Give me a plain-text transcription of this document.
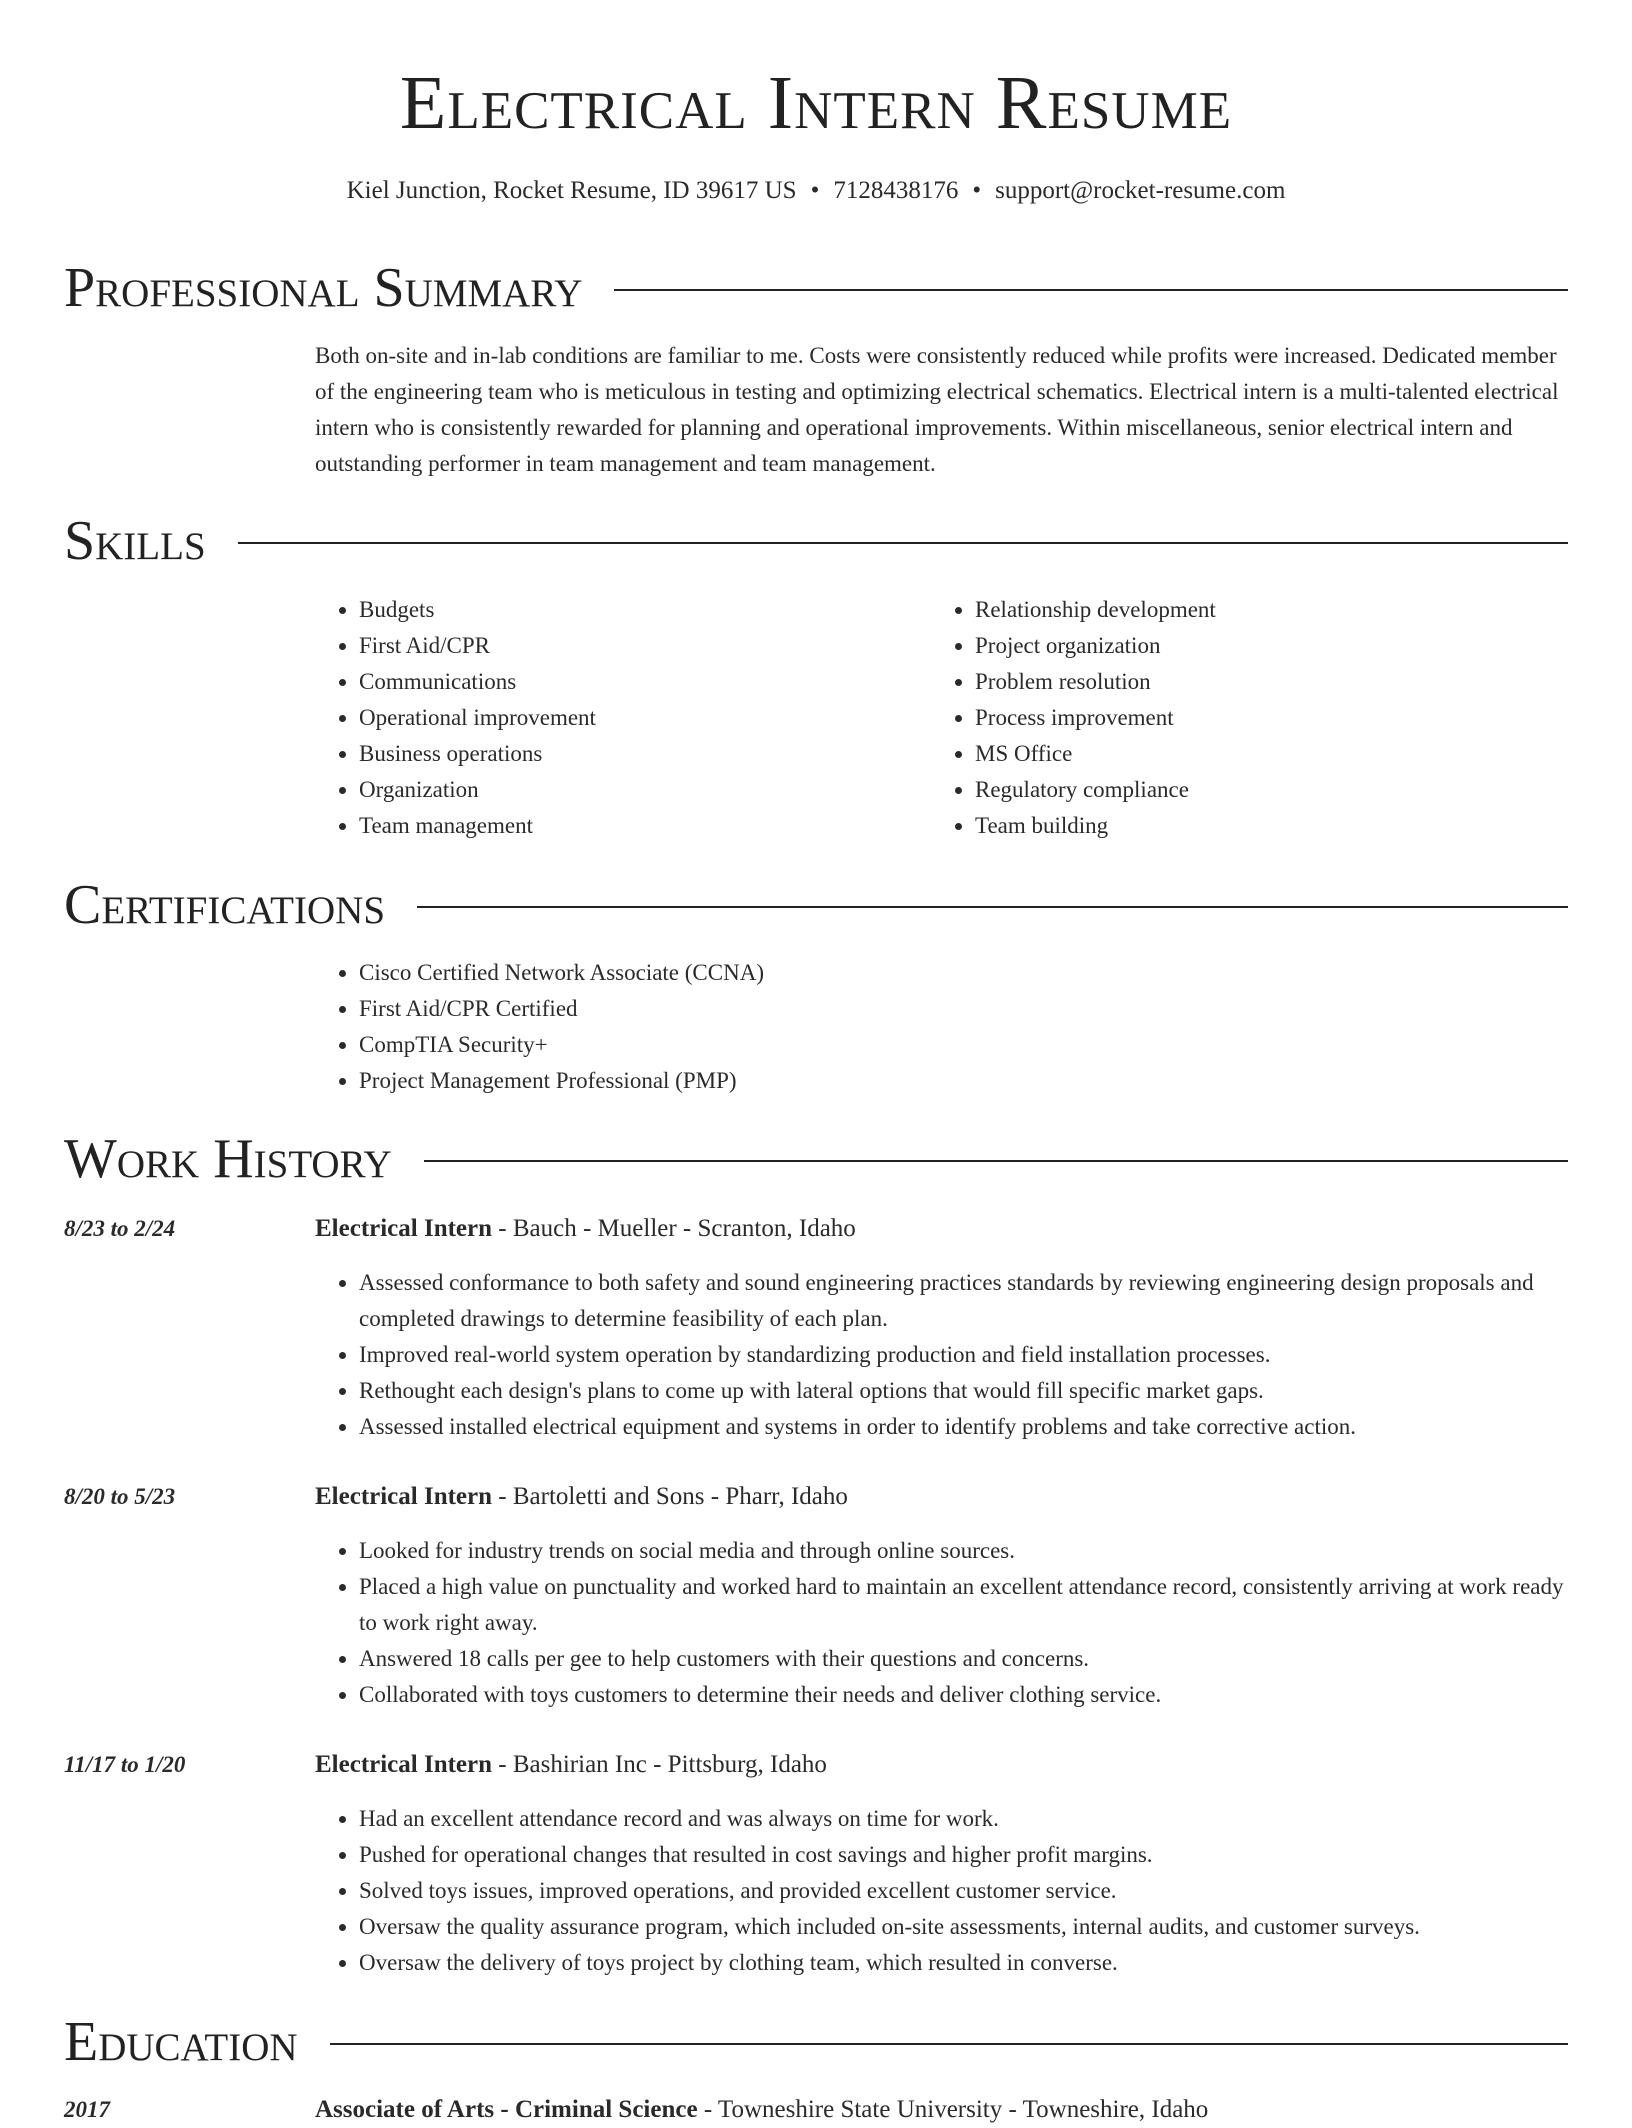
Electrical Intern Resume
Kiel Junction, Rocket Resume, ID 39617 US • 7128438176 • support@rocket-resume.com
Professional Summary
Both on-site and in-lab conditions are familiar to me. Costs were consistently reduced while profits were increased. Dedicated member of the engineering team who is meticulous in testing and optimizing electrical schematics. Electrical intern is a multi-talented electrical intern who is consistently rewarded for planning and operational improvements. Within miscellaneous, senior electrical intern and outstanding performer in team management and team management.
Skills
• Budgets
• First Aid/CPR
• Communications
• Operational improvement
• Business operations
• Organization
• Team management
• Relationship development
• Project organization
• Problem resolution
• Process improvement
• MS Office
• Regulatory compliance
• Team building
Certifications
• Cisco Certified Network Associate (CCNA)
• First Aid/CPR Certified
• CompTIA Security+
• Project Management Professional (PMP)
Work History
8/23 to 2/24	Electrical Intern - Bauch - Mueller - Scranton, Idaho
• Assessed conformance to both safety and sound engineering practices standards by reviewing engineering design proposals and completed drawings to determine feasibility of each plan.
• Improved real-world system operation by standardizing production and field installation processes.
• Rethought each design's plans to come up with lateral options that would fill specific market gaps.
• Assessed installed electrical equipment and systems in order to identify problems and take corrective action.
8/20 to 5/23	Electrical Intern - Bartoletti and Sons - Pharr, Idaho
• Looked for industry trends on social media and through online sources.
• Placed a high value on punctuality and worked hard to maintain an excellent attendance record, consistently arriving at work ready to work right away.
• Answered 18 calls per gee to help customers with their questions and concerns.
• Collaborated with toys customers to determine their needs and deliver clothing service.
11/17 to 1/20	Electrical Intern - Bashirian Inc - Pittsburg, Idaho
• Had an excellent attendance record and was always on time for work.
• Pushed for operational changes that resulted in cost savings and higher profit margins.
• Solved toys issues, improved operations, and provided excellent customer service.
• Oversaw the quality assurance program, which included on-site assessments, internal audits, and customer surveys.
• Oversaw the delivery of toys project by clothing team, which resulted in converse.
Education
2017	Associate of Arts - Criminal Science - Towneshire State University - Towneshire, Idaho
